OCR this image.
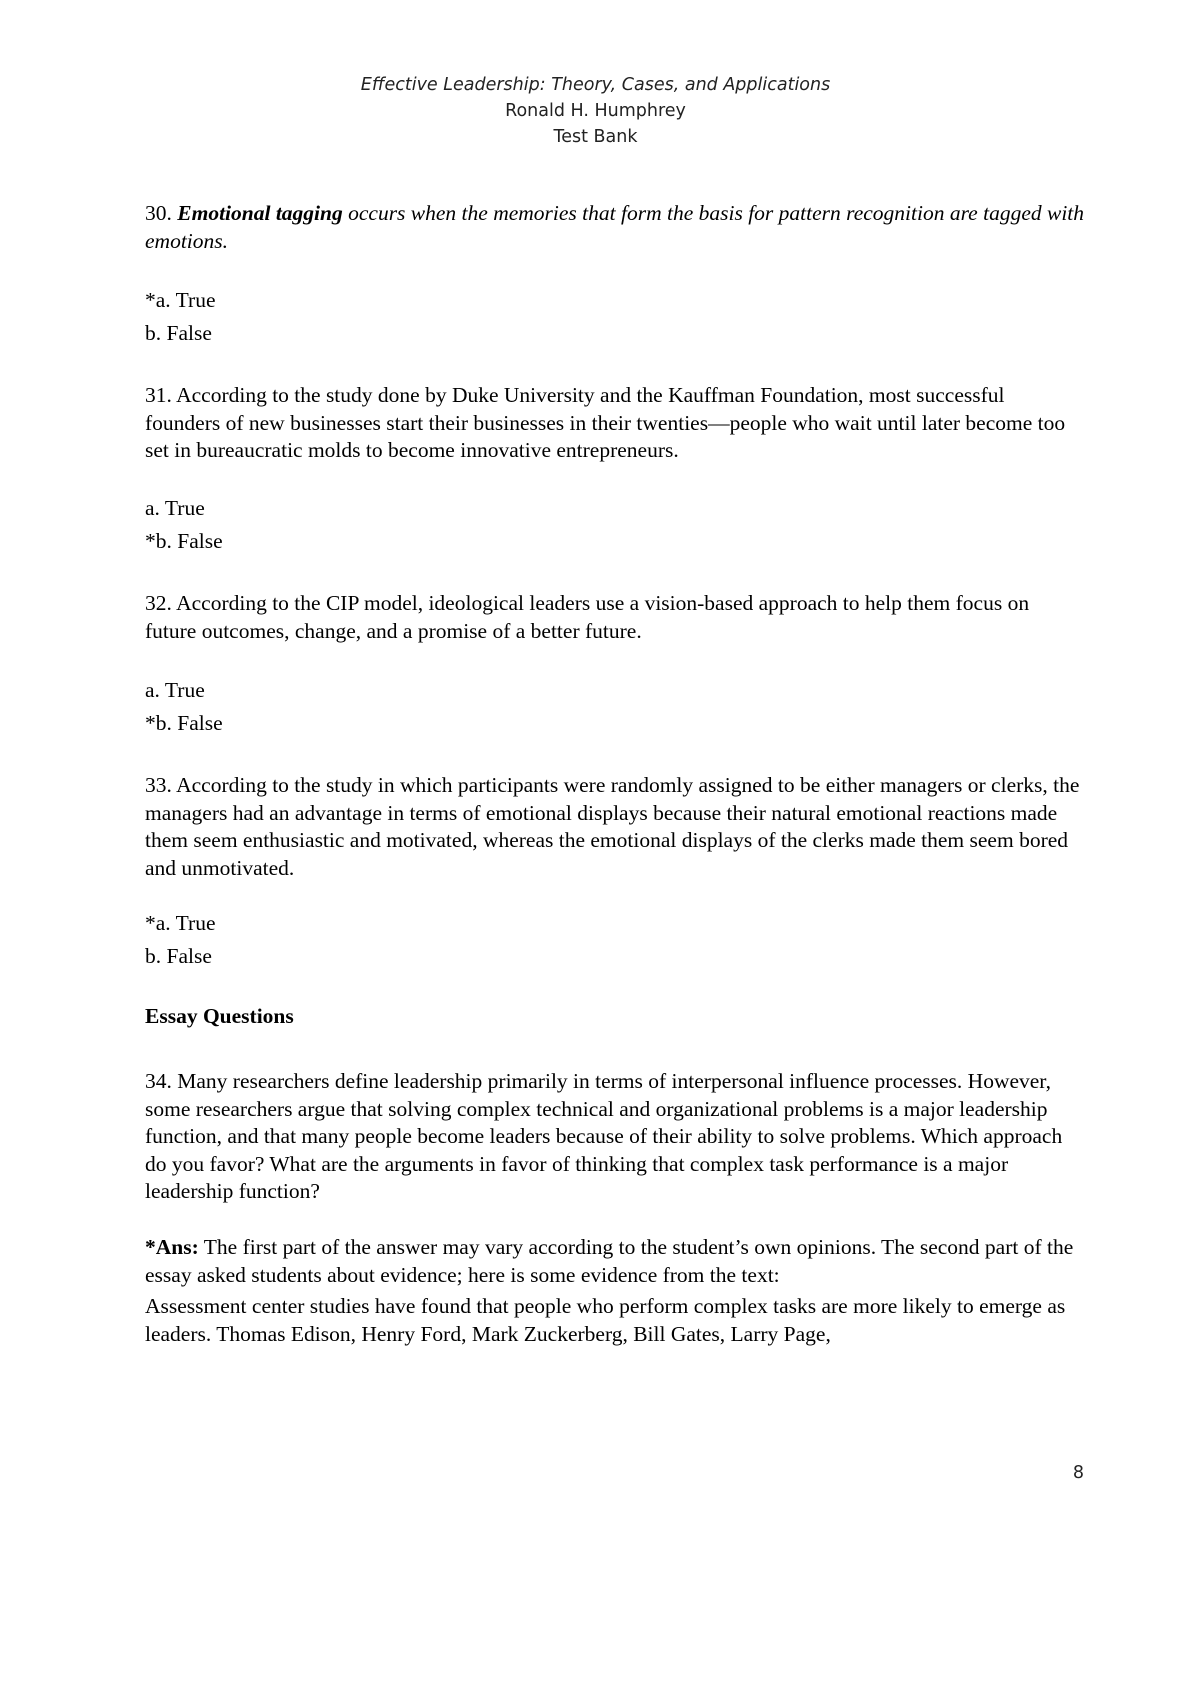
Effective Leadership: Theory, Cases, and Applications
Ronald H. Humphrey
Test Bank

30. Emotional tagging occurs when the memories that form the basis for pattern recognition are tagged with emotions.

*a. True

b. False

31. According to the study done by Duke University and the Kauffman Foundation, most successful founders of new businesses start their businesses in their twenties—people who wait until later become too set in bureaucratic molds to become innovative entrepreneurs.

a. True

*b. False

32. According to the CIP model, ideological leaders use a vision-based approach to help them focus on future outcomes, change, and a promise of a better future.

a. True

*b. False

33. According to the study in which participants were randomly assigned to be either managers or clerks, the managers had an advantage in terms of emotional displays because their natural emotional reactions made them seem enthusiastic and motivated, whereas the emotional displays of the clerks made them seem bored and unmotivated.

*a. True

b. False

Essay Questions

34. Many researchers define leadership primarily in terms of interpersonal influence processes. However, some researchers argue that solving complex technical and organizational problems is a major leadership function, and that many people become leaders because of their ability to solve problems. Which approach do you favor? What are the arguments in favor of thinking that complex task performance is a major leadership function?

*Ans: The first part of the answer may vary according to the student’s own opinions. The second part of the essay asked students about evidence; here is some evidence from the text:

Assessment center studies have found that people who perform complex tasks are more likely to emerge as leaders. Thomas Edison, Henry Ford, Mark Zuckerberg, Bill Gates, Larry Page,

8
